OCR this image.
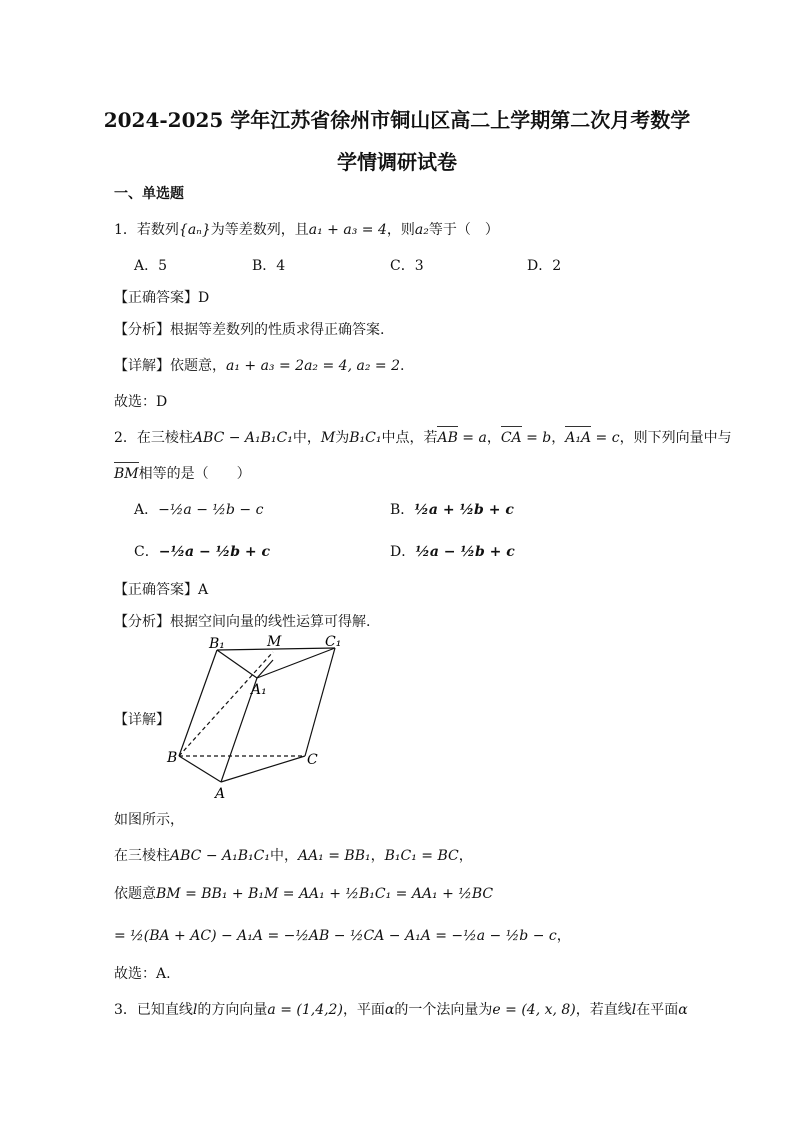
2024-2025 学年江苏省徐州市铜山区高二上学期第二次月考数学
学情调研试卷
一、单选题
1．若数列{aₙ}为等差数列，且a₁ + a₃ = 4，则a₂等于（　）
A．5	B．4	C．3	D．2
【正确答案】D
【分析】根据等差数列的性质求得正确答案.
【详解】依题意，a₁ + a₃ = 2a₂ = 4, a₂ = 2.
故选：D
2．在三棱柱ABC − A₁B₁C₁中，M为B₁C₁中点，若AB = a，CA = b，A₁A = c，则下列向量中与
BM相等的是（　　）
A．−½a − ½b − c	B．½a + ½b + c
C．−½a − ½b + c	D．½a − ½b + c
【正确答案】A
【分析】根据空间向量的线性运算可得解.
【详解】
B₁	M	C₁
A₁
B	C
A
如图所示，
在三棱柱ABC − A₁B₁C₁中，AA₁ = BB₁，B₁C₁ = BC，
依题意BM = BB₁ + B₁M = AA₁ + ½B₁C₁ = AA₁ + ½BC
= ½(BA + AC) − A₁A = −½AB − ½CA − A₁A = −½a − ½b − c，
故选：A.
3．已知直线l的方向向量a = (1,4,2)，平面α的一个法向量为e = (4, x, 8)，若直线l在平面α
